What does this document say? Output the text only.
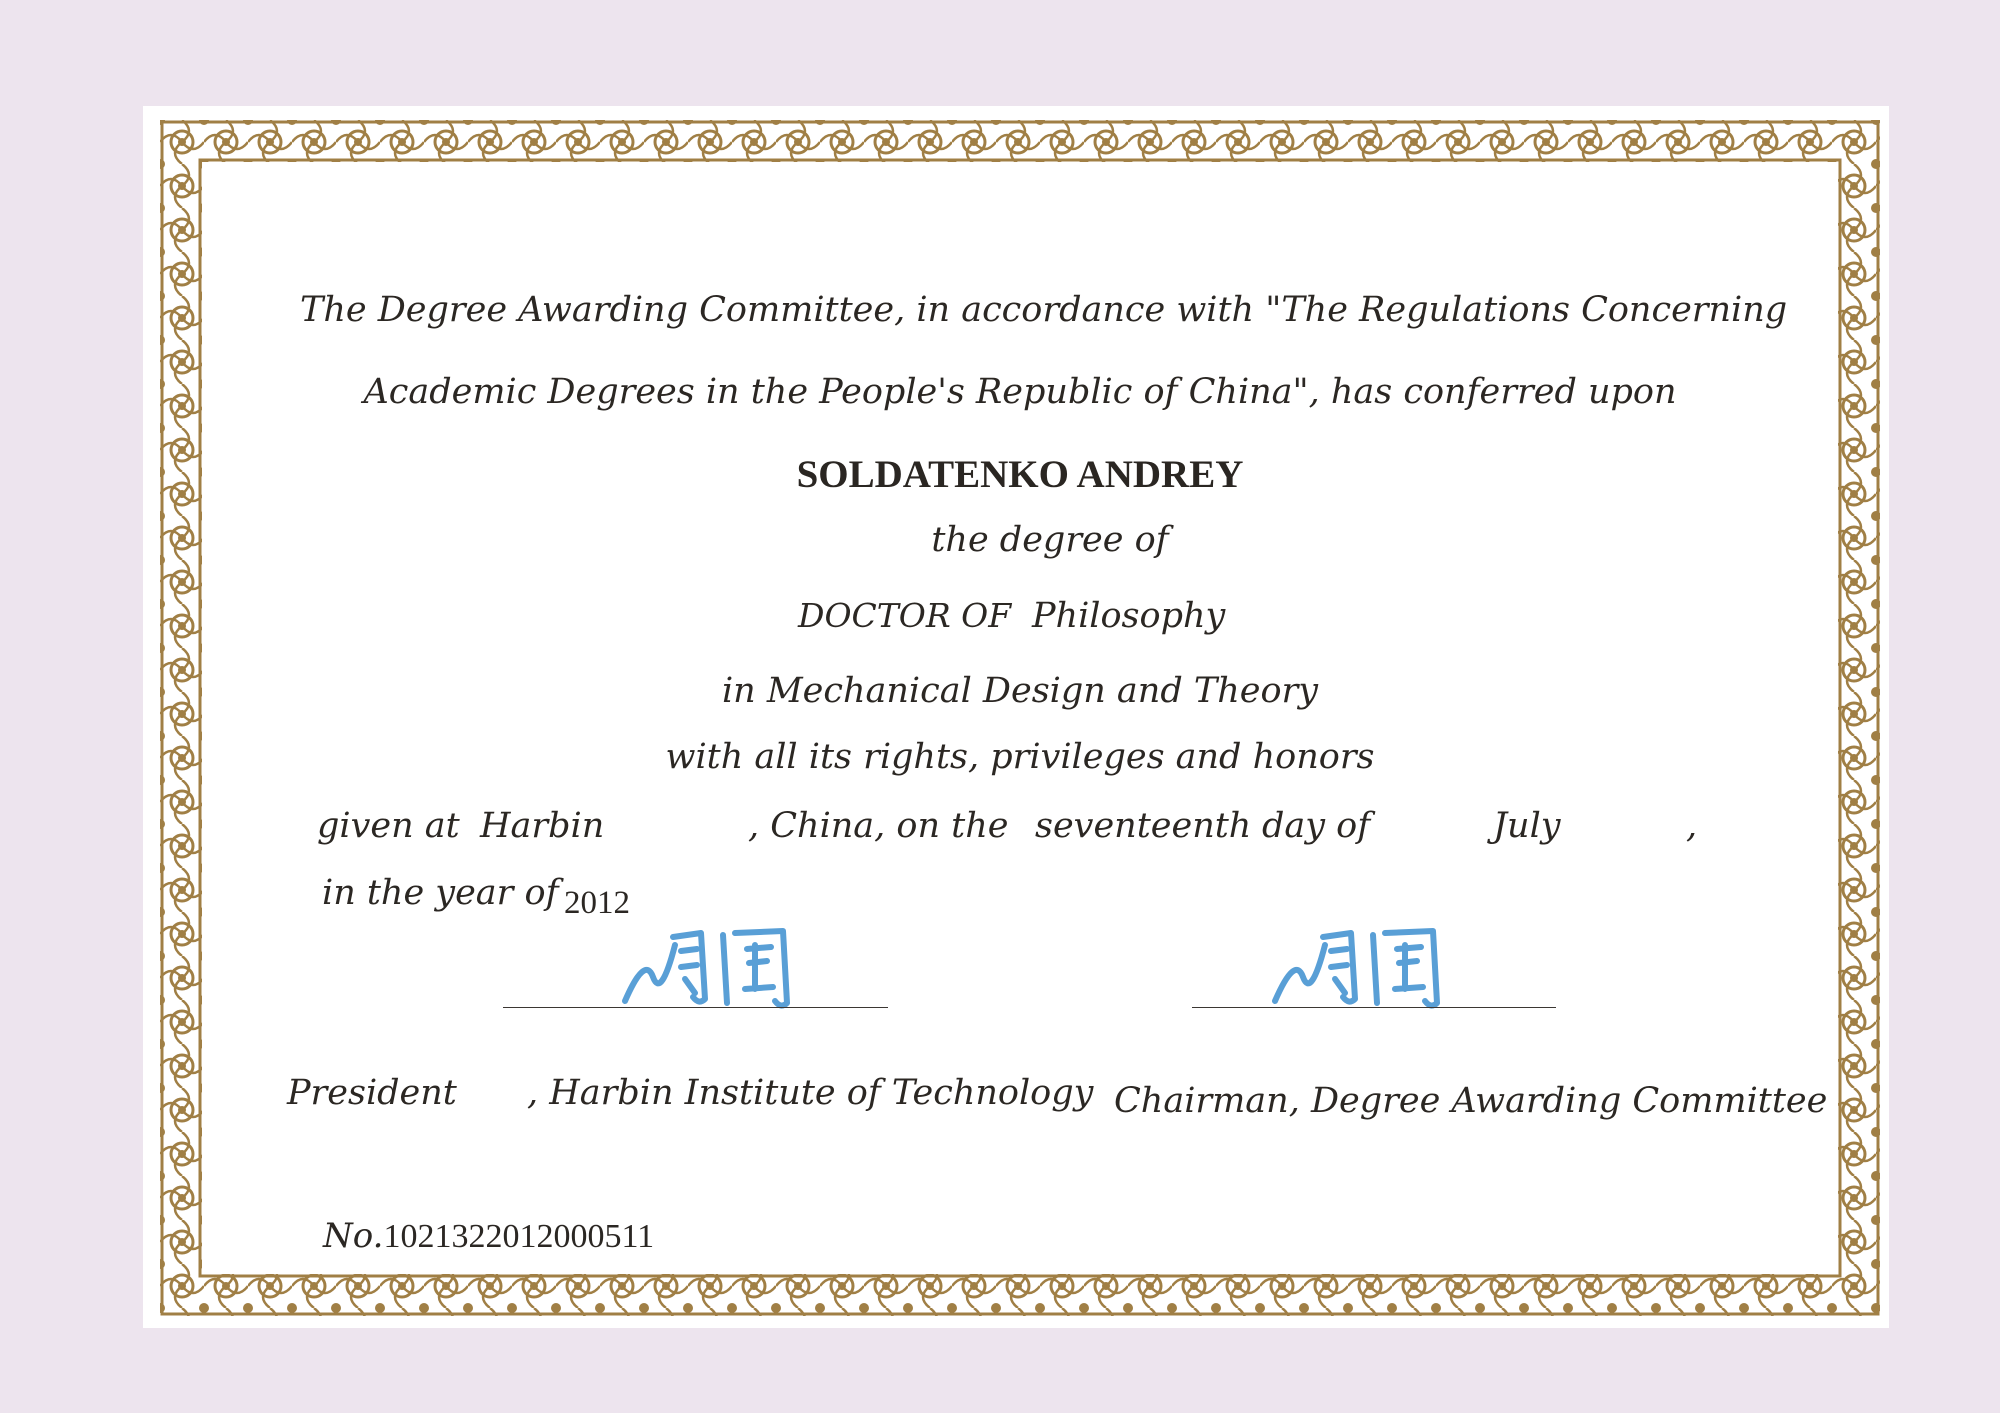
The Degree Awarding Committee, in accordance with "The Regulations Concerning
Academic Degrees in the People's Republic of China", has conferred upon
SOLDATENKO ANDREY
the degree of
DOCTOR OF Philosophy
in Mechanical Design and Theory
with all its rights, privileges and honors
given at Harbin	, China, on the seventeenth day of	July	,
in the year of 2012
President , Harbin Institute of Technology Chairman, Degree Awarding Committee
No.1021322012000511
